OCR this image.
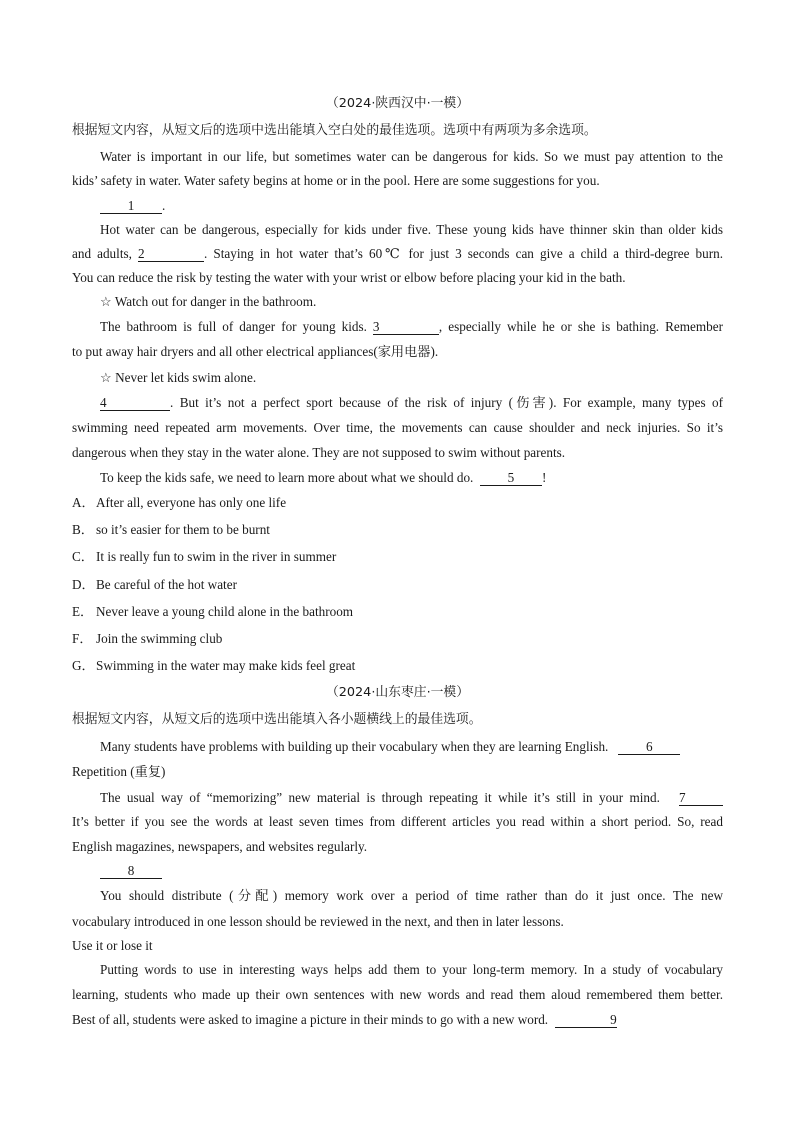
（2024·陕西汉中·一模）
根据短文内容，从短文后的选项中选出能填入空白处的最佳选项。选项中有两项为多余选项。
Water is important in our life, but sometimes water can be dangerous for kids. So we must pay attention to the
kids’ safety in water. Water safety begins at home or in the pool. Here are some suggestions for you.
1 .
Hot water can be dangerous, especially for kids under five. These young kids have thinner skin than older kids
and adults, 2	. Staying in hot water that’s 60℃ for just 3 seconds can give a child a third-degree burn.
You can reduce the risk by testing the water with your wrist or elbow before placing your kid in the bath.
☆ Watch out for danger in the bathroom.
The bathroom is full of danger for young kids. 3	, especially while he or she is bathing. Remember
to put away hair dryers and all other electrical appliances(家用电器).
☆ Never let kids swim alone.
4	. But it’s not a perfect sport because of the risk of injury (伤害). For example, many types of
swimming need repeated arm movements. Over time, the movements can cause shoulder and neck injuries. So it’s
dangerous when they stay in the water alone. They are not supposed to swim without parents.
To keep the kids safe, we need to learn more about what we should do.	5 !
A．After all, everyone has only one life
B． so it’s easier for them to be burnt
C． It is really fun to swim in the river in summer
D．Be careful of the hot water
E． Never leave a young child alone in the bathroom
F． Join the swimming club
G．Swimming in the water may make kids feel great
（2024·山东枣庄·一模）
根据短文内容，从短文后的选项中选出能填入各小题横线上的最佳选项。
Many students have problems with building up their vocabulary when they are learning English.	6
Repetition (重复)
The usual way of “memorizing” new material is through repeating it while it’s still in your mind. 7
It’s better if you see the words at least seven times from different articles you read within a short period. So, read
English magazines, newspapers, and websites regularly.
8
You should distribute (分配) memory work over a period of time rather than do it just once. The new
vocabulary introduced in one lesson should be reviewed in the next, and then in later lessons.
Use it or lose it
Putting words to use in interesting ways helps add them to your long-term memory. In a study of vocabulary
learning, students who made up their own sentences with new words and read them aloud remembered them better.
Best of all, students were asked to imagine a picture in their minds to go with a new word.	9
